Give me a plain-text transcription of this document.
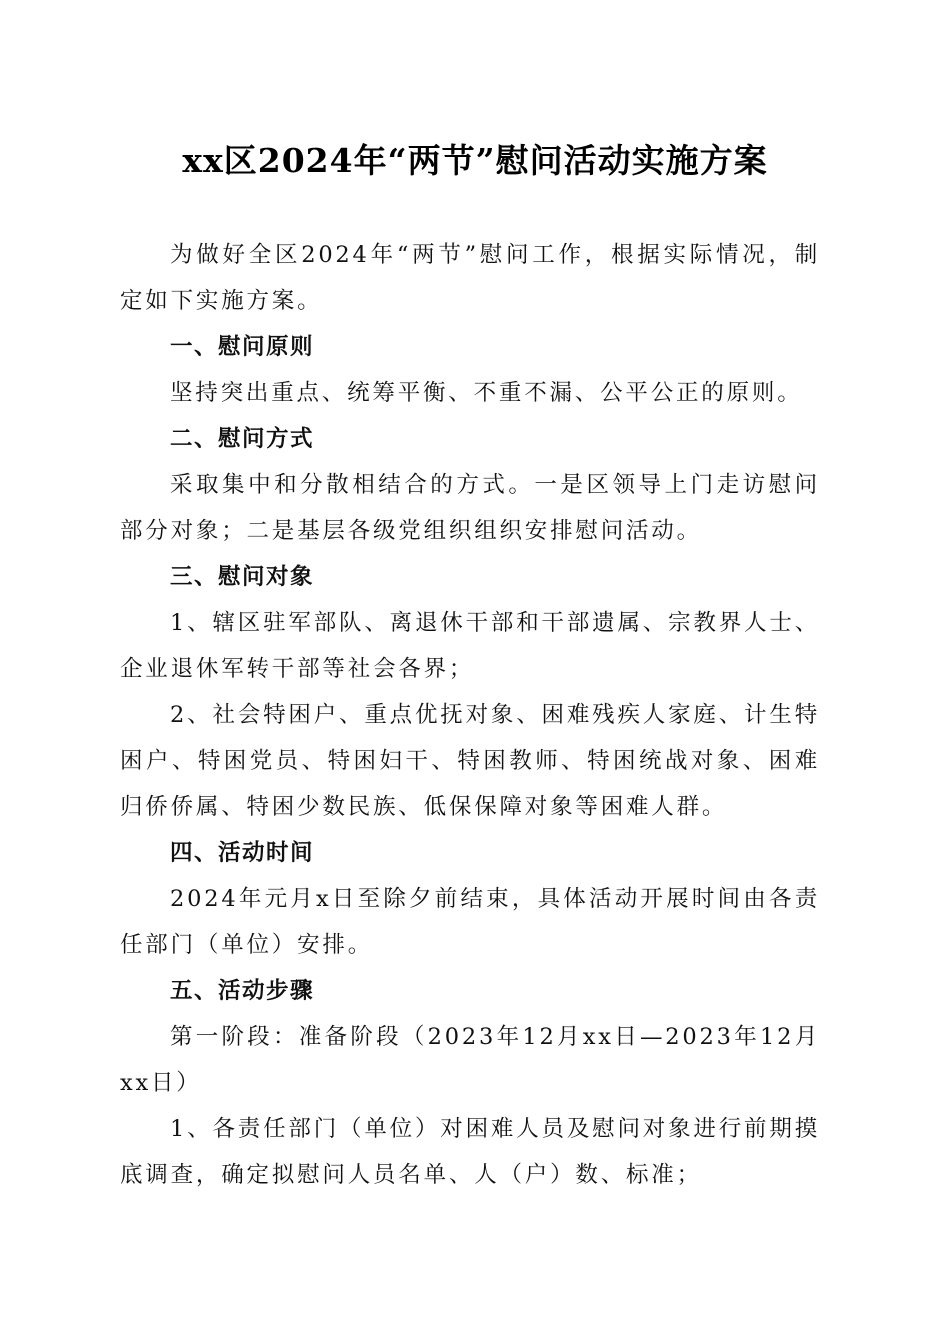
xx区2024年“两节”慰问活动实施方案

为做好全区2024年“两节”慰问工作，根据实际情况，制定如下实施方案。

一、慰问原则

坚持突出重点、统筹平衡、不重不漏、公平公正的原则。

二、慰问方式

采取集中和分散相结合的方式。一是区领导上门走访慰问部分对象；二是基层各级党组织组织安排慰问活动。

三、慰问对象

1、辖区驻军部队、离退休干部和干部遗属、宗教界人士、企业退休军转干部等社会各界；

2、社会特困户、重点优抚对象、困难残疾人家庭、计生特困户、特困党员、特困妇干、特困教师、特困统战对象、困难归侨侨属、特困少数民族、低保保障对象等困难人群。

四、活动时间

2024年元月x日至除夕前结束，具体活动开展时间由各责任部门（单位）安排。

五、活动步骤

第一阶段：准备阶段（2023年12月xx日—2023年12月xx日）

1、各责任部门（单位）对困难人员及慰问对象进行前期摸底调查，确定拟慰问人员名单、人（户）数、标准；
